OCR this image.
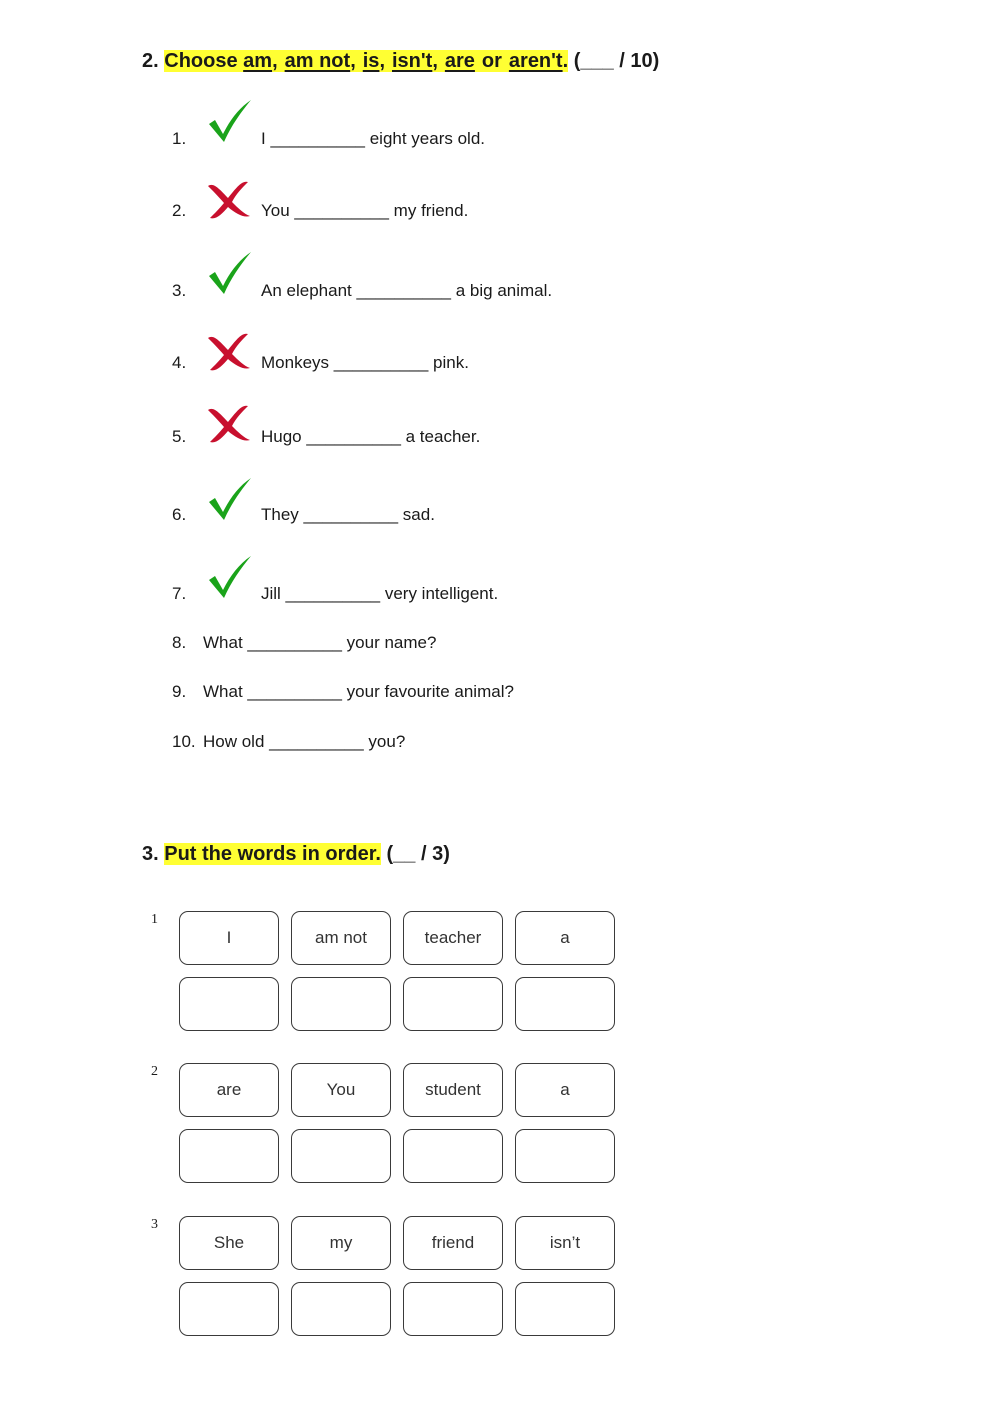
2. Choose am, am not, is, isn't, are or aren't. (___ / 10)
1.	I __________ eight years old.
2.	You __________ my friend.
3.	An elephant __________ a big animal.
4.	Monkeys __________ pink.
5.	Hugo __________ a teacher.
6.	They __________ sad.
7.	Jill __________ very intelligent.
8. What __________ your name?
9. What __________ your favourite animal?
10. How old __________ you?
3. Put the words in order. (__ / 3)
1
I	am not	teacher	a
2
are	You	student	a
3
She	my	friend	isn’t
